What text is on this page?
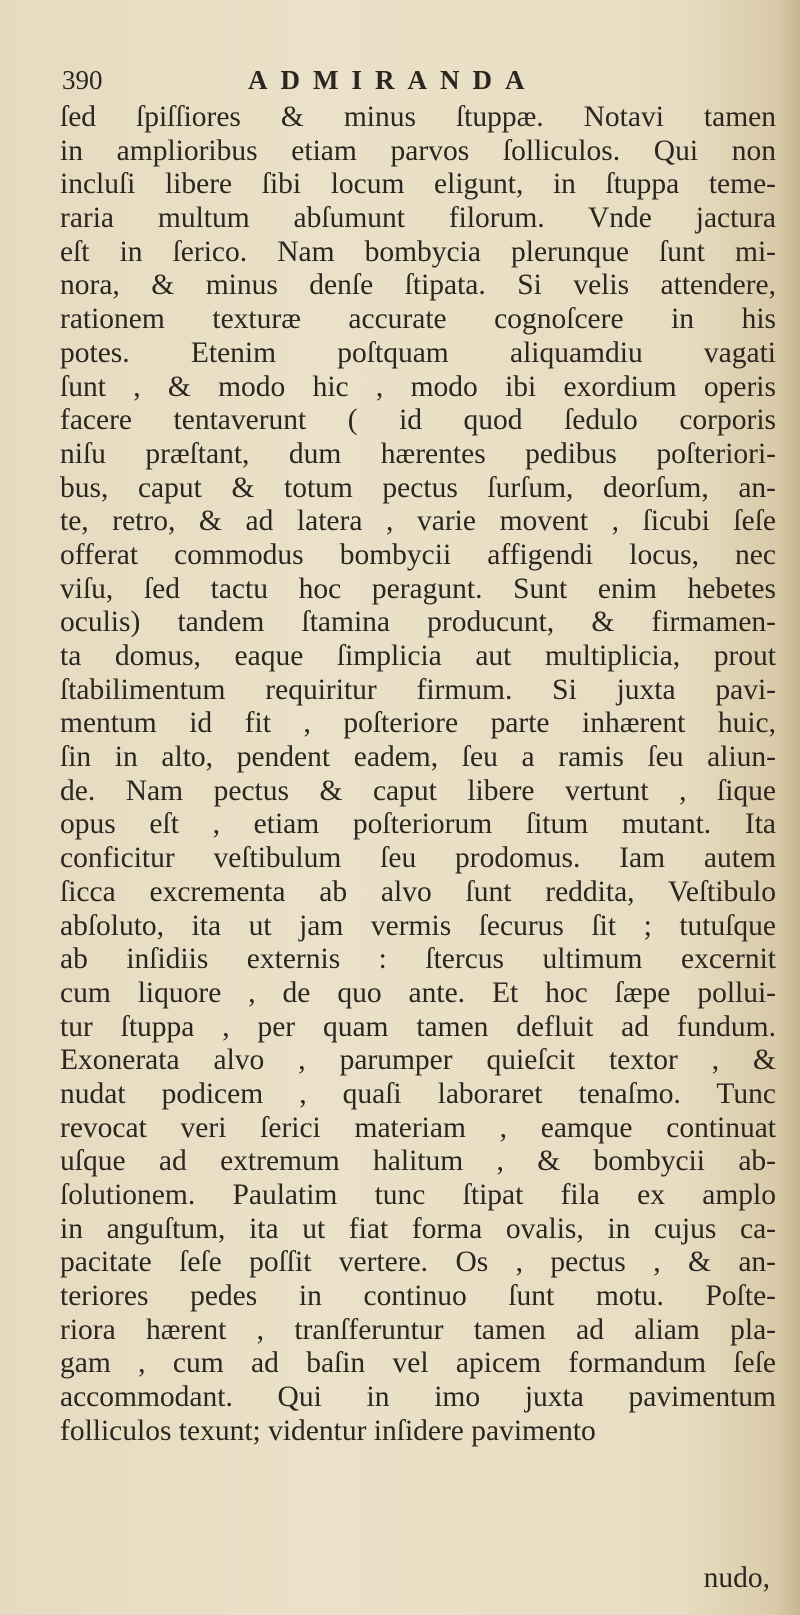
390	ADMIRANDA
ſed ſpiſſiores & minus ſtuppæ. Notavi tamen
in amplioribus etiam parvos ſolliculos. Qui non
incluſi libere ſibi locum eligunt, in ſtuppa teme-
raria multum abſumunt filorum. Vnde jactura
eſt in ſerico. Nam bombycia plerunque ſunt mi-
nora, & minus denſe ſtipata. Si velis attendere,
rationem texturæ accurate cognoſcere in his
potes. Etenim poſtquam aliquamdiu vagati
ſunt , & modo hic , modo ibi exordium operis
facere tentaverunt ( id quod ſedulo corporis
niſu præſtant, dum hærentes pedibus poſteriori-
bus, caput & totum pectus ſurſum, deorſum, an-
te, retro, & ad latera , varie movent , ſicubi ſeſe
offerat commodus bombycii affigendi locus, nec
viſu, ſed tactu hoc peragunt. Sunt enim hebetes
oculis) tandem ſtamina producunt, & firmamen-
ta domus, eaque ſimplicia aut multiplicia, prout
ſtabilimentum requiritur firmum. Si juxta pavi-
mentum id fit , poſteriore parte inhærent huic,
ſin in alto, pendent eadem, ſeu a ramis ſeu aliun-
de. Nam pectus & caput libere vertunt , ſique
opus eſt , etiam poſteriorum ſitum mutant. Ita
conficitur veſtibulum ſeu prodomus. Iam autem
ſicca excrementa ab alvo ſunt reddita, Veſtibulo
abſoluto, ita ut jam vermis ſecurus ſit ; tutuſque
ab inſidiis externis : ſtercus ultimum excernit
cum liquore , de quo ante. Et hoc ſæpe pollui-
tur ſtuppa , per quam tamen defluit ad fundum.
Exonerata alvo , parumper quieſcit textor , &
nudat podicem , quaſi laboraret tenaſmo. Tunc
revocat veri ſerici materiam , eamque continuat
uſque ad extremum halitum , & bombycii ab-
ſolutionem. Paulatim tunc ſtipat fila ex amplo
in anguſtum, ita ut fiat forma ovalis, in cujus ca-
pacitate ſeſe poſſit vertere. Os , pectus , & an-
teriores pedes in continuo ſunt motu. Poſte-
riora hærent , tranſferuntur tamen ad aliam pla-
gam , cum ad baſin vel apicem formandum ſeſe
accommodant. Qui in imo juxta pavimentum
folliculos texunt; videntur inſidere pavimento
nudo,
